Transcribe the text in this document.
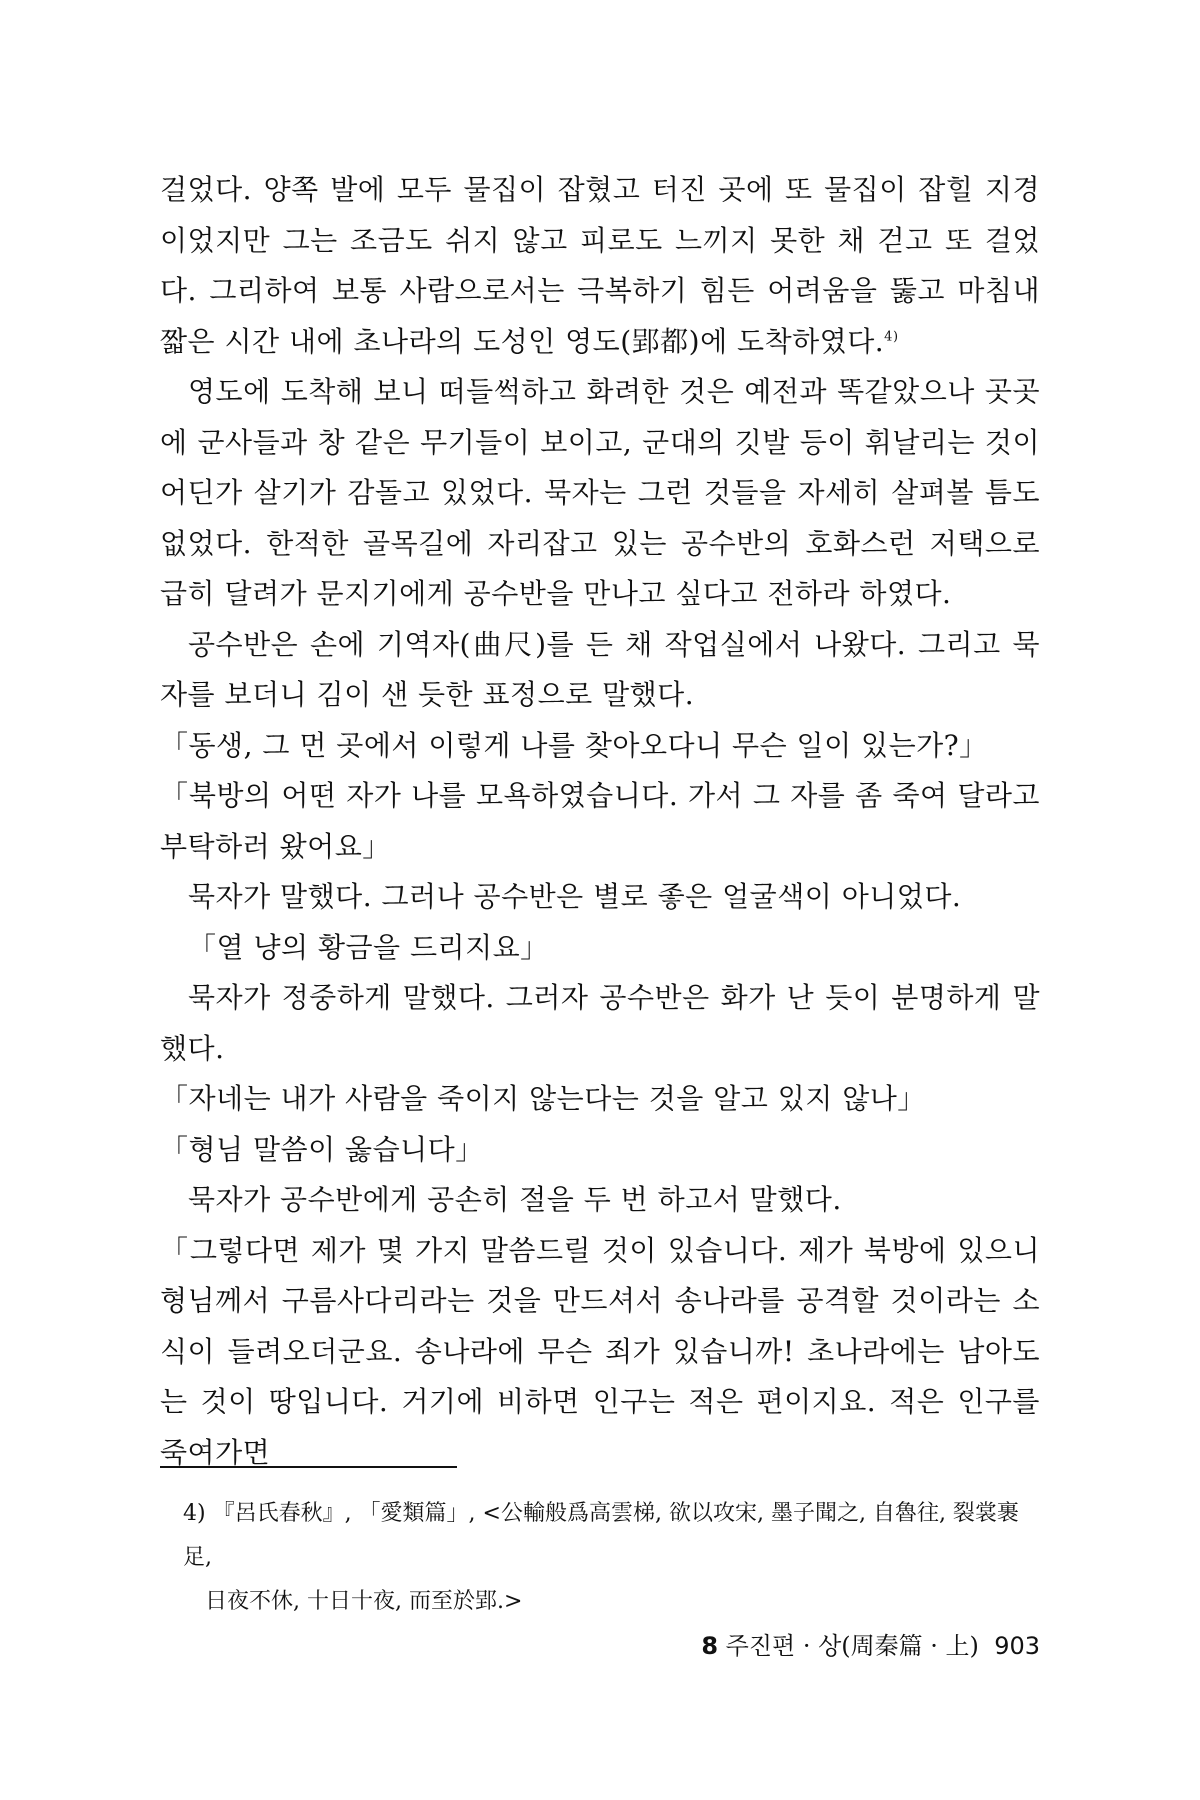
걸었다. 양쪽 발에 모두 물집이 잡혔고 터진 곳에 또 물집이 잡힐 지경이었지만 그는 조금도 쉬지 않고 피로도 느끼지 못한 채 걷고 또 걸었다. 그리하여 보통 사람으로서는 극복하기 힘든 어려움을 뚫고 마침내 짧은 시간 내에 초나라의 도성인 영도(郢都)에 도착하였다.$^{4)}$

영도에 도착해 보니 떠들썩하고 화려한 것은 예전과 똑같았으나 곳곳에 군사들과 창 같은 무기들이 보이고, 군대의 깃발 등이 휘날리는 것이 어딘가 살기가 감돌고 있었다. 묵자는 그런 것들을 자세히 살펴볼 틈도 없었다. 한적한 골목길에 자리잡고 있는 공수반의 호화스런 저택으로 급히 달려가 문지기에게 공수반을 만나고 싶다고 전하라 하였다.

공수반은 손에 기역자(曲尺)를 든 채 작업실에서 나왔다. 그리고 묵자를 보더니 김이 샌 듯한 표정으로 말했다.

「동생, 그 먼 곳에서 이렇게 나를 찾아오다니 무슨 일이 있는가?」

「북방의 어떤 자가 나를 모욕하였습니다. 가서 그 자를 좀 죽여 달라고 부탁하러 왔어요」

묵자가 말했다. 그러나 공수반은 별로 좋은 얼굴색이 아니었다.

「열 냥의 황금을 드리지요」

묵자가 정중하게 말했다. 그러자 공수반은 화가 난 듯이 분명하게 말했다.

「자네는 내가 사람을 죽이지 않는다는 것을 알고 있지 않나」

「형님 말씀이 옳습니다」

묵자가 공수반에게 공손히 절을 두 번 하고서 말했다.

「그렇다면 제가 몇 가지 말씀드릴 것이 있습니다. 제가 북방에 있으니 형님께서 구름사다리라는 것을 만드셔서 송나라를 공격할 것이라는 소식이 들려오더군요. 송나라에 무슨 죄가 있습니까! 초나라에는 남아도는 것이 땅입니다. 거기에 비하면 인구는 적은 편이지요. 적은 인구를 죽여가면

4) 『呂氏春秋』, 「愛類篇」, <公輸般爲高雲梯, 欲以攻宋, 墨子聞之, 自魯往, 裂裳裹足,
日夜不休, 十日十夜, 而至於郢.>
8 주진편 · 상(周秦篇 · 上) 903
